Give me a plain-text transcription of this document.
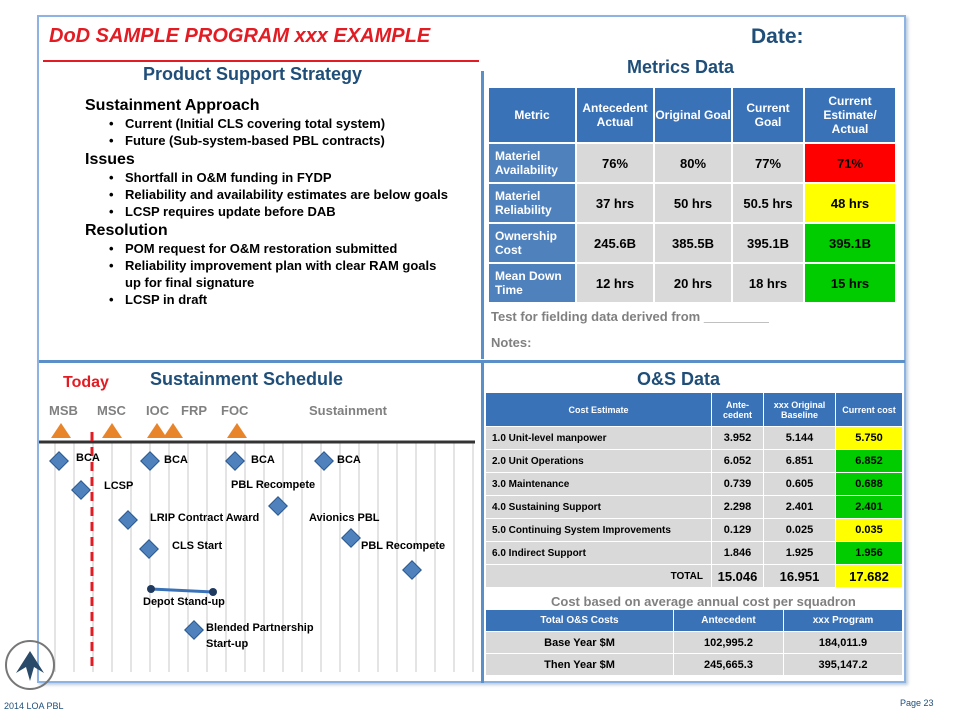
DoD SAMPLE PROGRAM xxx EXAMPLE	Date:
Product Support Strategy
Sustainment Approach
• Current (Initial CLS covering total system)
• Future (Sub-system-based PBL contracts)
Issues
• Shortfall in O&M funding in FYDP
• Reliability and availability estimates are below goals
• LCSP requires update before DAB
Resolution
• POM request for O&M restoration submitted
• Reliability improvement plan with clear RAM goals up for final signature
• LCSP in draft
Metrics Data
Metric	Antecedent Actual	Original Goal	Current Goal	Current Estimate/ Actual
Materiel Availability	76%	80%	77%	71%
Materiel Reliability	37 hrs	50 hrs	50.5 hrs	48 hrs
Ownership Cost	245.6B	385.5B	395.1B	395.1B
Mean Down Time	12 hrs	20 hrs	18 hrs	15 hrs
Test for fielding data derived from _________
Notes:
Today Sustainment Schedule
MSB MSC IOC FRP FOC	Sustainment
BCA	BCA	BCA	BCA
LCSP	PBL Recompete
LRIP Contract Award	Avionics PBL
CLS Start	PBL Recompete
Depot Stand-up
Blended Partnership Start-up
O&S Data
Cost Estimate	Ante-cedent	xxx Original Baseline	Current cost
1.0 Unit-level manpower	3.952	5.144	5.750
2.0 Unit Operations	6.052	6.851	6.852
3.0 Maintenance	0.739	0.605	0.688
4.0 Sustaining Support	2.298	2.401	2.401
5.0 Continuing System Improvements	0.129	0.025	0.035
6.0 Indirect Support	1.846	1.925	1.956
TOTAL	15.046	16.951	17.682
Cost based on average annual cost per squadron
Total O&S Costs	Antecedent	xxx Program
Base Year $M	102,995.2	184,011.9
Then Year $M	245,665.3	395,147.2
2014 LOA PBL	Page 23
